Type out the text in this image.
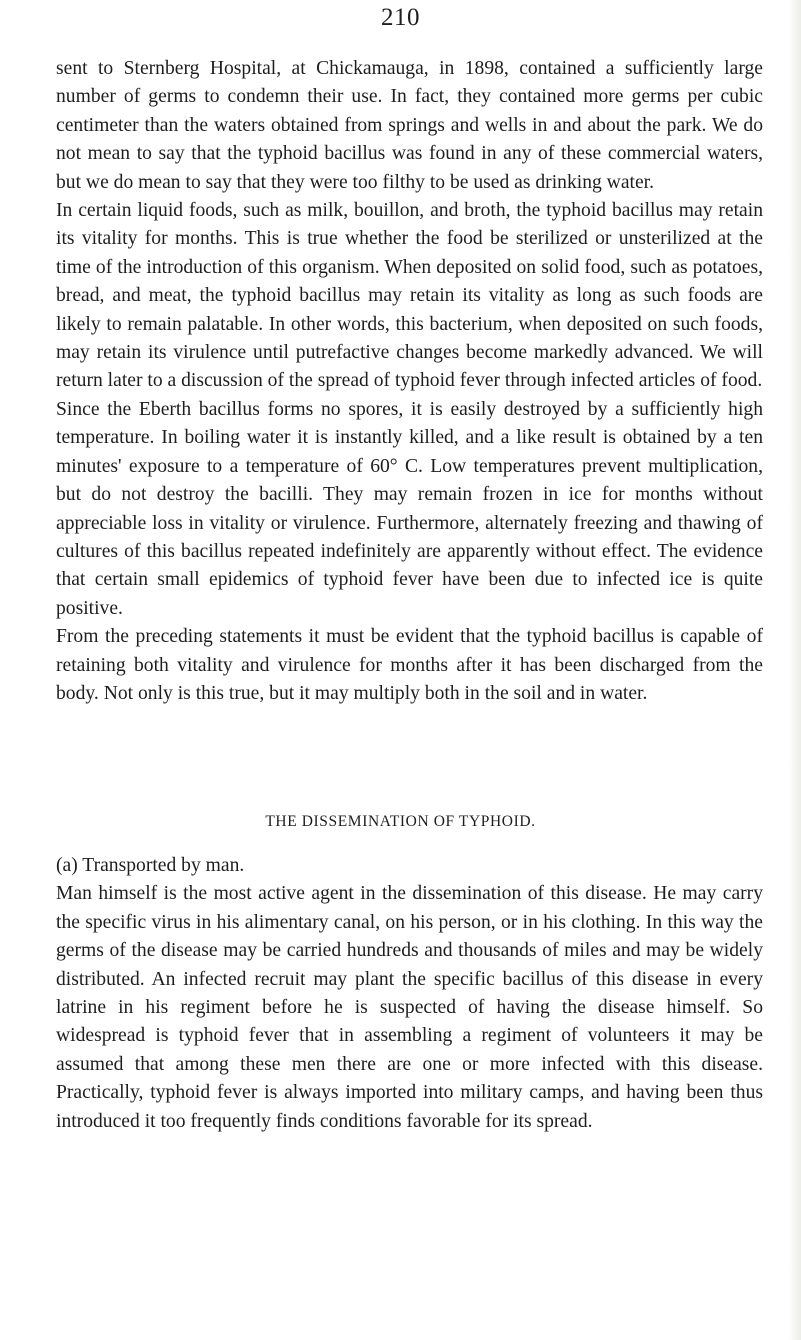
210

sent to Sternberg Hospital, at Chickamauga, in 1898, contained a sufficiently large number of germs to condemn their use. In fact, they contained more germs per cubic centimeter than the waters obtained from springs and wells in and about the park. We do not mean to say that the typhoid bacillus was found in any of these commercial waters, but we do mean to say that they were too filthy to be used as drinking water.

In certain liquid foods, such as milk, bouillon, and broth, the typhoid bacillus may retain its vitality for months. This is true whether the food be sterilized or unsterilized at the time of the introduction of this organism. When deposited on solid food, such as potatoes, bread, and meat, the typhoid bacillus may retain its vitality as long as such foods are likely to remain palatable. In other words, this bacterium, when deposited on such foods, may retain its virulence until putrefactive changes become markedly advanced. We will return later to a discussion of the spread of typhoid fever through infected articles of food.

Since the Eberth bacillus forms no spores, it is easily destroyed by a sufficiently high temperature. In boiling water it is instantly killed, and a like result is obtained by a ten minutes' exposure to a temperature of 60° C. Low temperatures prevent multiplication, but do not destroy the bacilli. They may remain frozen in ice for months without appreciable loss in vitality or virulence. Furthermore, alternately freezing and thawing of cultures of this bacillus repeated indefinitely are apparently without effect. The evidence that certain small epidemics of typhoid fever have been due to infected ice is quite positive.

From the preceding statements it must be evident that the typhoid bacillus is capable of retaining both vitality and virulence for months after it has been discharged from the body. Not only is this true, but it may multiply both in the soil and in water.

THE DISSEMINATION OF TYPHOID.

(a) Transported by man.

Man himself is the most active agent in the dissemination of this disease. He may carry the specific virus in his alimentary canal, on his person, or in his clothing. In this way the germs of the disease may be carried hundreds and thousands of miles and may be widely distributed. An infected recruit may plant the specific bacillus of this disease in every latrine in his regiment before he is suspected of having the disease himself. So widespread is typhoid fever that in assembling a regiment of volunteers it may be assumed that among these men there are one or more infected with this disease. Practically, typhoid fever is always imported into military camps, and having been thus introduced it too frequently finds conditions favorable for its spread.
